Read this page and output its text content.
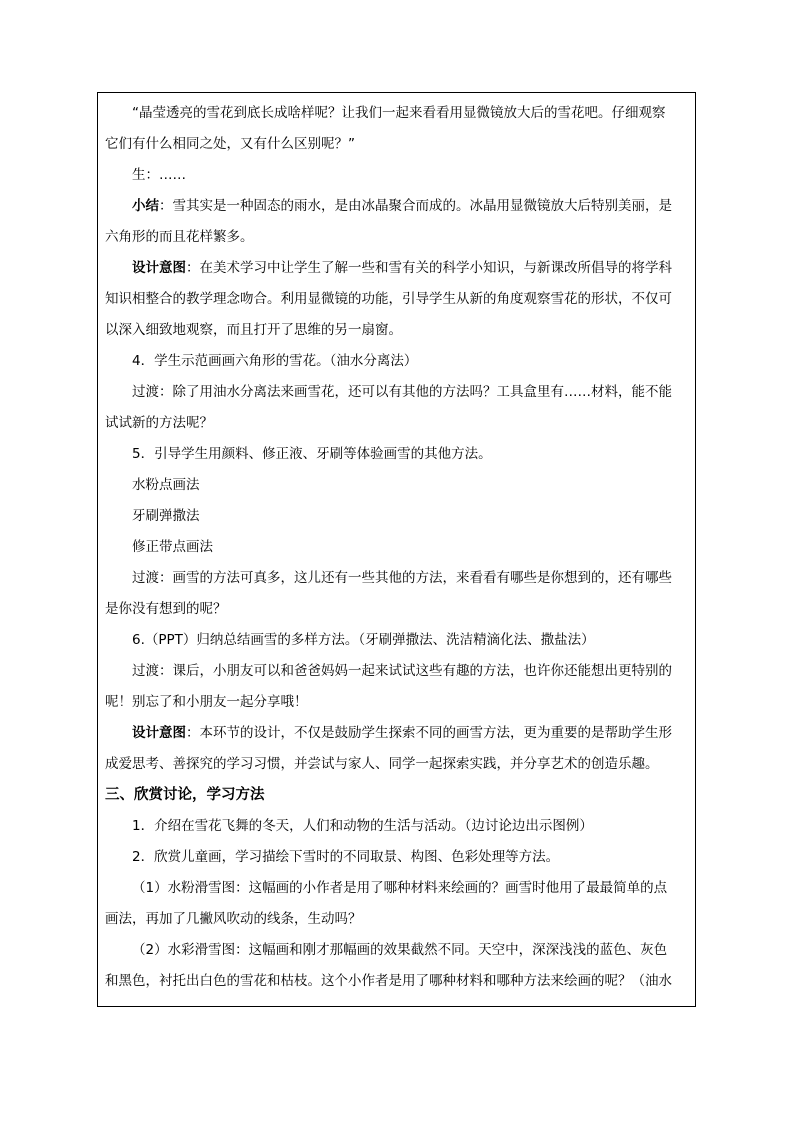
“晶莹透亮的雪花到底长成啥样呢？让我们一起来看看用显微镜放大后的雪花吧。仔细观察

它们有什么相同之处，又有什么区别呢？”

生：……

小结：雪其实是一种固态的雨水，是由冰晶聚合而成的。冰晶用显微镜放大后特别美丽，是

六角形的而且花样繁多。

设计意图：在美术学习中让学生了解一些和雪有关的科学小知识，与新课改所倡导的将学科

知识相整合的教学理念吻合。利用显微镜的功能，引导学生从新的角度观察雪花的形状，不仅可

以深入细致地观察，而且打开了思维的另一扇窗。

4．学生示范画画六角形的雪花。（油水分离法）

过渡：除了用油水分离法来画雪花，还可以有其他的方法吗？工具盒里有……材料，能不能

试试新的方法呢？

5．引导学生用颜料、修正液、牙刷等体验画雪的其他方法。

水粉点画法

牙刷弹撒法

修正带点画法

过渡：画雪的方法可真多，这儿还有一些其他的方法，来看看有哪些是你想到的，还有哪些

是你没有想到的呢？

6.（PPT）归纳总结画雪的多样方法。（牙刷弹撒法、洗洁精滴化法、撒盐法）

过渡：课后，小朋友可以和爸爸妈妈一起来试试这些有趣的方法，也许你还能想出更特别的

呢！别忘了和小朋友一起分享哦！

设计意图：本环节的设计，不仅是鼓励学生探索不同的画雪方法，更为重要的是帮助学生形

成爱思考、善探究的学习习惯，并尝试与家人、同学一起探索实践，并分享艺术的创造乐趣。

三、欣赏讨论，学习方法

1．介绍在雪花飞舞的冬天，人们和动物的生活与活动。（边讨论边出示图例）

2．欣赏儿童画，学习描绘下雪时的不同取景、构图、色彩处理等方法。

（1）水粉滑雪图：这幅画的小作者是用了哪种材料来绘画的？画雪时他用了最最简单的点

画法，再加了几撇风吹动的线条，生动吗？

（2）水彩滑雪图：这幅画和刚才那幅画的效果截然不同。天空中，深深浅浅的蓝色、灰色

和黑色，衬托出白色的雪花和枯枝。这个小作者是用了哪种材料和哪种方法来绘画的呢？（油水
